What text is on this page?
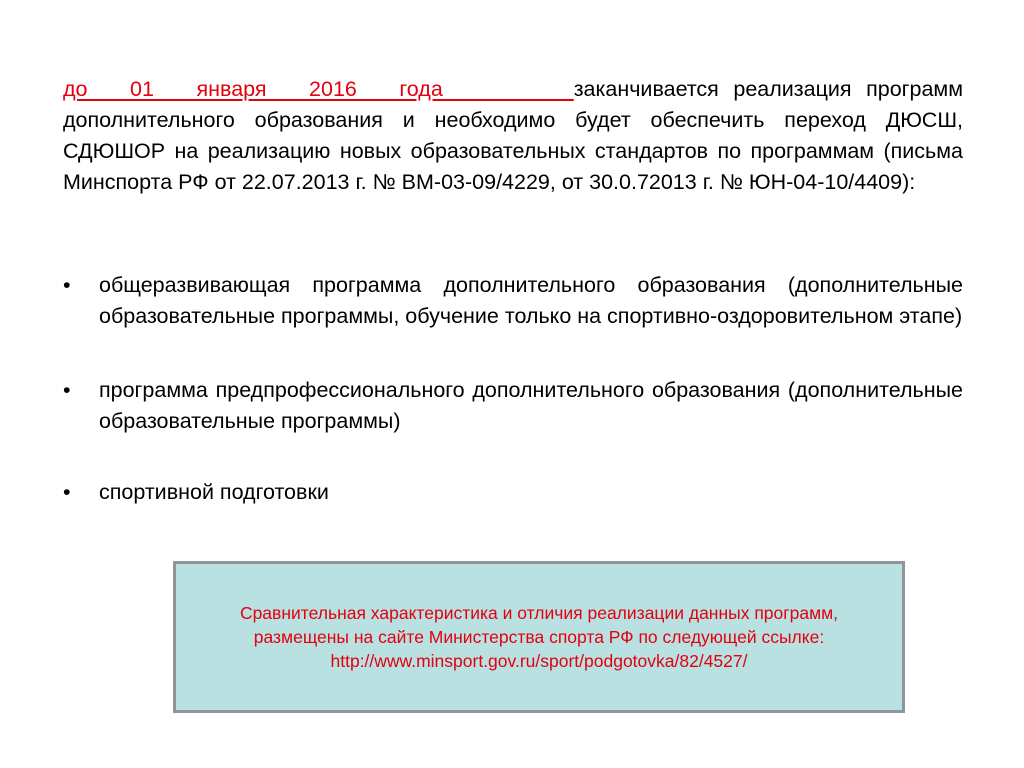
до 01 января 2016 года	заканчивается реализация программ дополнительного образования и необходимо будет обеспечить переход ДЮСШ, СДЮШОР на реализацию новых образовательных стандартов по программам (письма Минспорта РФ от 22.07.2013 г. № ВМ-03-09/4229, от 30.0.72013 г. № ЮН-04-10/4409):

• общеразвивающая программа дополнительного образования (дополнительные образовательные программы, обучение только на спортивно-оздоровительном этапе)
• программа предпрофессионального дополнительного образования (дополнительные образовательные программы)
• спортивной подготовки
Сравнительная характеристика и отличия реализации данных программ,
размещены на сайте Министерства спорта РФ по следующей ссылке:
http://www.minsport.gov.ru/sport/podgotovka/82/4527/
